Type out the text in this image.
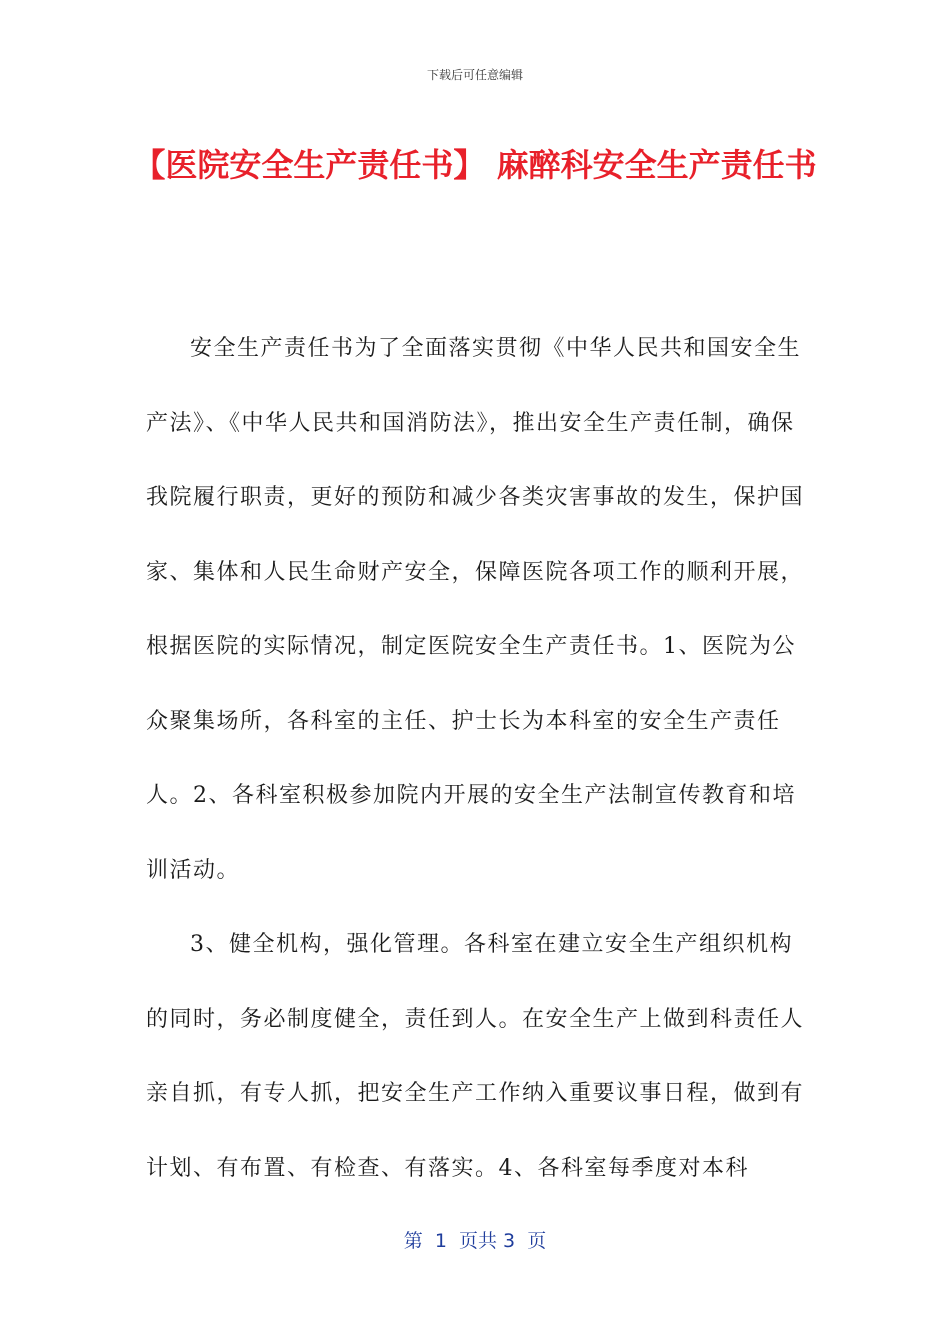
下载后可任意编辑
【医院安全生产责任书】 麻醉科安全生产责任书

安全生产责任书为了全面落实贯彻《中华人民共和国安全生产法》、《中华人民共和国消防法》，推出安全生产责任制，确保我院履行职责，更好的预防和减少各类灾害事故的发生，保护国家、集体和人民生命财产安全，保障医院各项工作的顺利开展，根据医院的实际情况，制定医院安全生产责任书。1、医院为公众聚集场所，各科室的主任、护士长为本科室的安全生产责任人。2、各科室积极参加院内开展的安全生产法制宣传教育和培训活动。

3、健全机构，强化管理。各科室在建立安全生产组织机构的同时，务必制度健全，责任到人。在安全生产上做到科责任人亲自抓，有专人抓，把安全生产工作纳入重要议事日程，做到有计划、有布置、有检查、有落实。4、各科室每季度对本科

第  1  页共 3  页
